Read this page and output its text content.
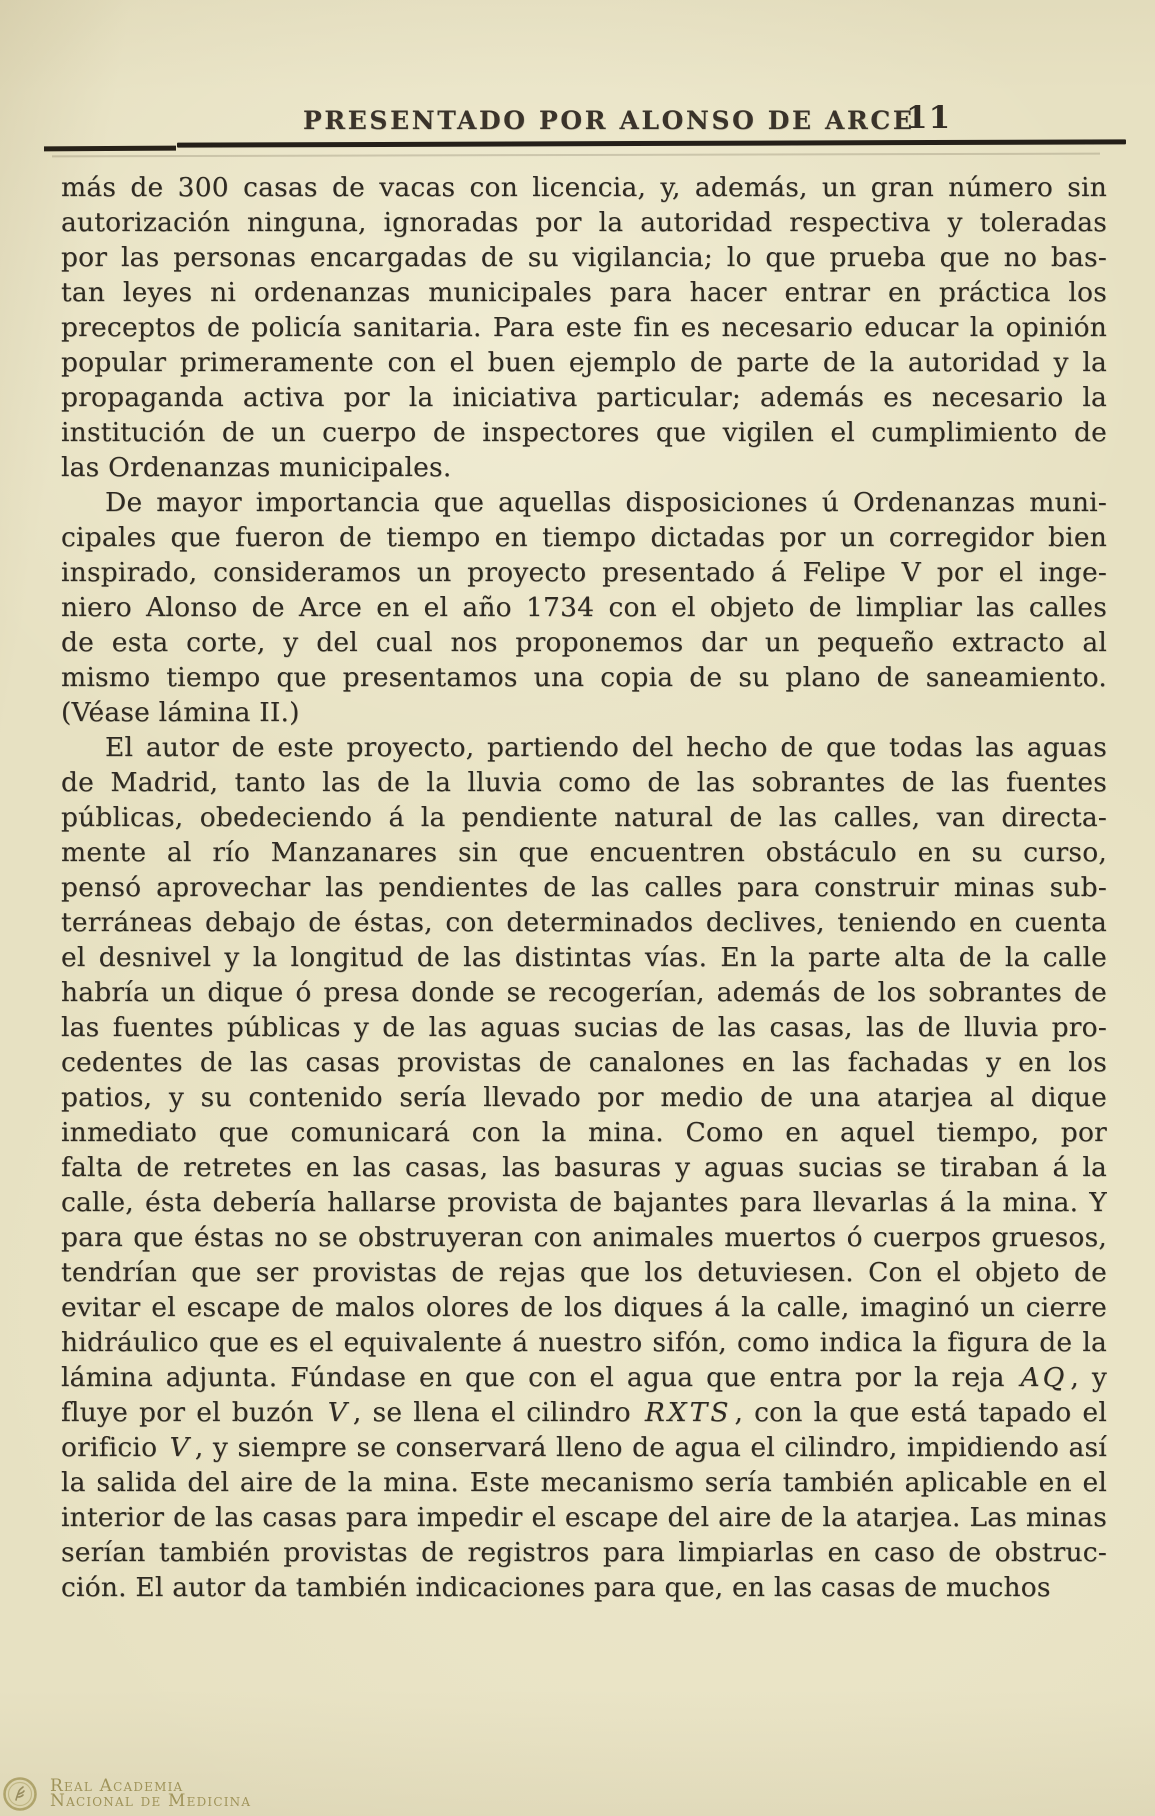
PRESENTADO POR ALONSO DE ARCE
11
más de 300 casas de vacas con licencia, y, además, un gran número sin
autorización ninguna, ignoradas por la autoridad respectiva y toleradas
por las personas encargadas de su vigilancia; lo que prueba que no bas-
tan leyes ni ordenanzas municipales para hacer entrar en práctica los
preceptos de policía sanitaria. Para este fin es necesario educar la opinión
popular primeramente con el buen ejemplo de parte de la autoridad y la
propaganda activa por la iniciativa particular; además es necesario la
institución de un cuerpo de inspectores que vigilen el cumplimiento de
las Ordenanzas municipales.
De mayor importancia que aquellas disposiciones ú Ordenanzas muni-
cipales que fueron de tiempo en tiempo dictadas por un corregidor bien
inspirado, consideramos un proyecto presentado á Felipe V por el inge-
niero Alonso de Arce en el año 1734 con el objeto de limpliar las calles
de esta corte, y del cual nos proponemos dar un pequeño extracto al
mismo tiempo que presentamos una copia de su plano de saneamiento.
(Véase lámina II.)
El autor de este proyecto, partiendo del hecho de que todas las aguas
de Madrid, tanto las de la lluvia como de las sobrantes de las fuentes
públicas, obedeciendo á la pendiente natural de las calles, van directa-
mente al río Manzanares sin que encuentren obstáculo en su curso,
pensó aprovechar las pendientes de las calles para construir minas sub-
terráneas debajo de éstas, con determinados declives, teniendo en cuenta
el desnivel y la longitud de las distintas vías. En la parte alta de la calle
habría un dique ó presa donde se recogerían, además de los sobrantes de
las fuentes públicas y de las aguas sucias de las casas, las de lluvia pro-
cedentes de las casas provistas de canalones en las fachadas y en los
patios, y su contenido sería llevado por medio de una atarjea al dique
inmediato que comunicará con la mina. Como en aquel tiempo, por
falta de retretes en las casas, las basuras y aguas sucias se tiraban á la
calle, ésta debería hallarse provista de bajantes para llevarlas á la mina. Y
para que éstas no se obstruyeran con animales muertos ó cuerpos gruesos,
tendrían que ser provistas de rejas que los detuviesen. Con el objeto de
evitar el escape de malos olores de los diques á la calle, imaginó un cierre
hidráulico que es el equivalente á nuestro sifón, como indica la figura de la
lámina adjunta. Fúndase en que con el agua que entra por la reja AQ , y
fluye por el buzón V , se llena el cilindro RXTS , con la que está tapado el
orificio V , y siempre se conservará lleno de agua el cilindro, impidiendo así
la salida del aire de la mina. Este mecanismo sería también aplicable en el
interior de las casas para impedir el escape del aire de la atarjea. Las minas
serían también provistas de registros para limpiarlas en caso de obstruc-
ción. El autor da también indicaciones para que, en las casas de muchos
Real Academia
Nacional de Medicina
